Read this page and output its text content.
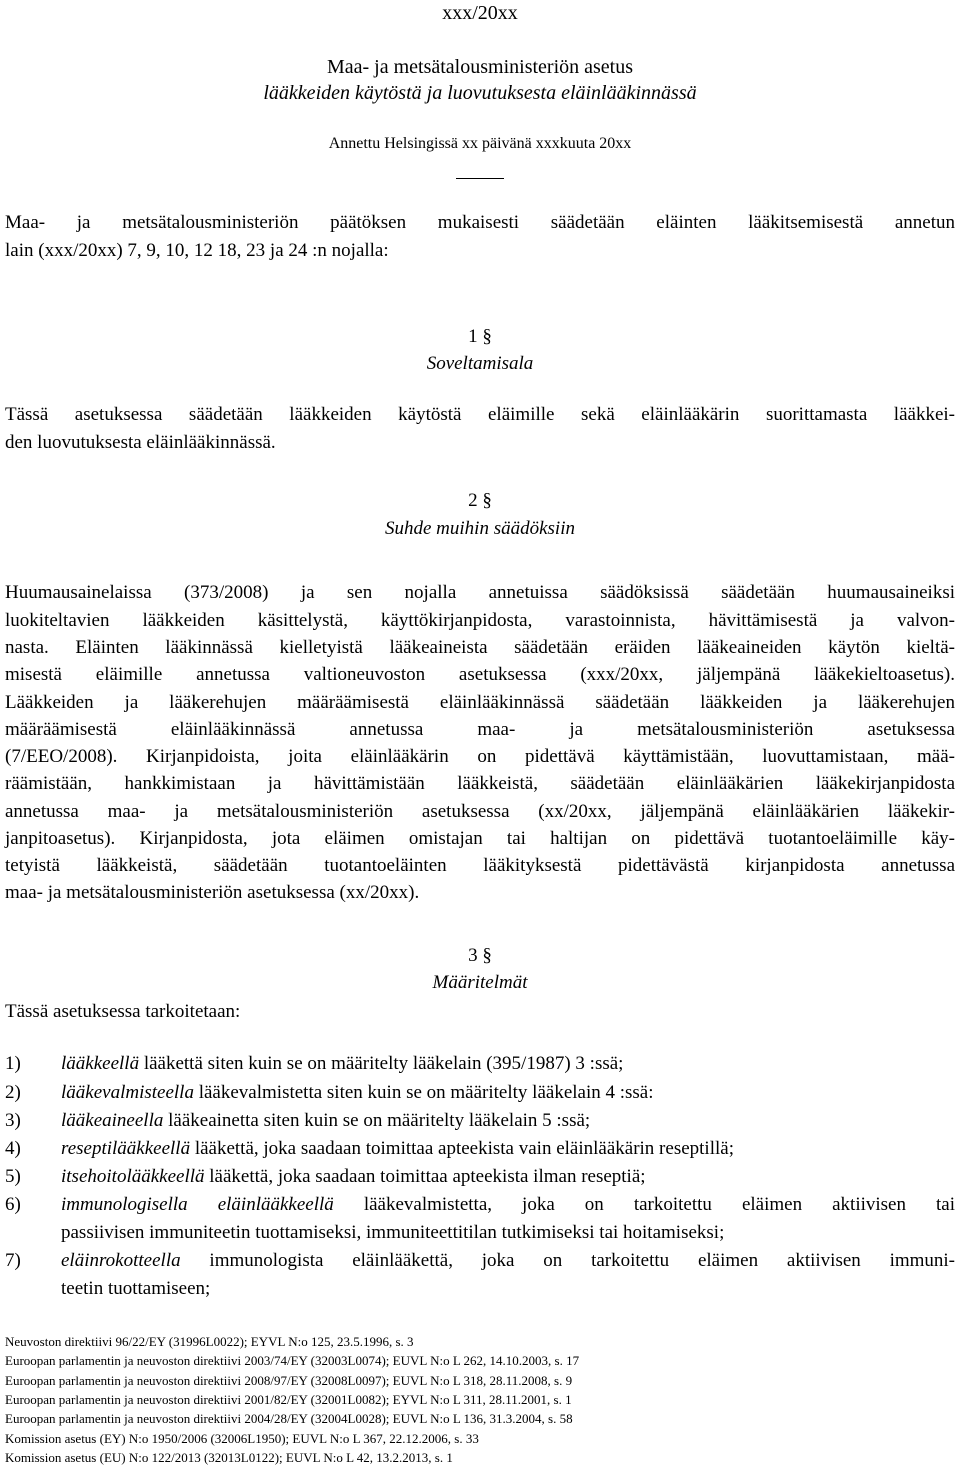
xxx/20xx
Maa- ja metsätalousministeriön asetus
lääkkeiden käytöstä ja luovutuksesta eläinlääkinnässä
Annettu Helsingissä xx päivänä xxxkuuta 20xx
Maa- ja metsätalousministeriön päätöksen mukaisesti säädetään eläinten lääkitsemisestä annetun
lain (xxx/20xx) 7, 9, 10, 12 18, 23 ja 24 :n nojalla:
1 §
Soveltamisala
Tässä asetuksessa säädetään lääkkeiden käytöstä eläimille sekä eläinlääkärin suorittamasta lääkkei-
den luovutuksesta eläinlääkinnässä.
2 §
Suhde muihin säädöksiin
Huumausainelaissa (373/2008) ja sen nojalla annetuissa säädöksissä säädetään huumausaineiksi
luokiteltavien lääkkeiden käsittelystä, käyttökirjanpidosta, varastoinnista, hävittämisestä ja valvon-
nasta. Eläinten lääkinnässä kielletyistä lääkeaineista säädetään eräiden lääkeaineiden käytön kieltä-
misestä eläimille annetussa valtioneuvoston asetuksessa (xxx/20xx, jäljempänä lääkekieltoasetus).
Lääkkeiden ja lääkerehujen määräämisestä eläinlääkinnässä säädetään lääkkeiden ja lääkerehujen
määräämisestä eläinlääkinnässä annetussa maa- ja metsätalousministeriön asetuksessa
(7/EEO/2008). Kirjanpidoista, joita eläinlääkärin on pidettävä käyttämistään, luovuttamistaan, mää-
räämistään, hankkimistaan ja hävittämistään lääkkeistä, säädetään eläinlääkärien lääkekirjanpidosta
annetussa maa- ja metsätalousministeriön asetuksessa (xx/20xx, jäljempänä eläinlääkärien lääkekir-
janpitoasetus). Kirjanpidosta, jota eläimen omistajan tai haltijan on pidettävä tuotantoeläimille käy-
tetyistä lääkkeistä, säädetään tuotantoeläinten lääkityksestä pidettävästä kirjanpidosta annetussa
maa- ja metsätalousministeriön asetuksessa (xx/20xx).
3 §
Määritelmät
Tässä asetuksessa tarkoitetaan:
1) lääkkeellä lääkettä siten kuin se on määritelty lääkelain (395/1987) 3 :ssä;
2) lääkevalmisteella lääkevalmistetta siten kuin se on määritelty lääkelain 4 :ssä:
3) lääkeaineella lääkeainetta siten kuin se on määritelty lääkelain 5 :ssä;
4) reseptilääkkeellä lääkettä, joka saadaan toimittaa apteekista vain eläinlääkärin reseptillä;
5) itsehoitolääkkeellä lääkettä, joka saadaan toimittaa apteekista ilman reseptiä;
6) immunologisella eläinlääkkeellä lääkevalmistetta, joka on tarkoitettu eläimen aktiivisen tai
passiivisen immuniteetin tuottamiseksi, immuniteettitilan tutkimiseksi tai hoitamiseksi;
7) eläinrokotteella immunologista eläinlääkettä, joka on tarkoitettu eläimen aktiivisen immuni-
teetin tuottamiseen;
Neuvoston direktiivi 96/22/EY (31996L0022); EYVL N:o 125, 23.5.1996, s. 3
Euroopan parlamentin ja neuvoston direktiivi 2003/74/EY (32003L0074); EUVL N:o L 262, 14.10.2003, s. 17
Euroopan parlamentin ja neuvoston direktiivi 2008/97/EY (32008L0097); EUVL N:o L 318, 28.11.2008, s. 9
Euroopan parlamentin ja neuvoston direktiivi 2001/82/EY (32001L0082); EYVL N:o L 311, 28.11.2001, s. 1
Euroopan parlamentin ja neuvoston direktiivi 2004/28/EY (32004L0028); EUVL N:o L 136, 31.3.2004, s. 58
Komission asetus (EY) N:o 1950/2006 (32006L1950); EUVL N:o L 367, 22.12.2006, s. 33
Komission asetus (EU) N:o 122/2013 (32013L0122); EUVL N:o L 42, 13.2.2013, s. 1
